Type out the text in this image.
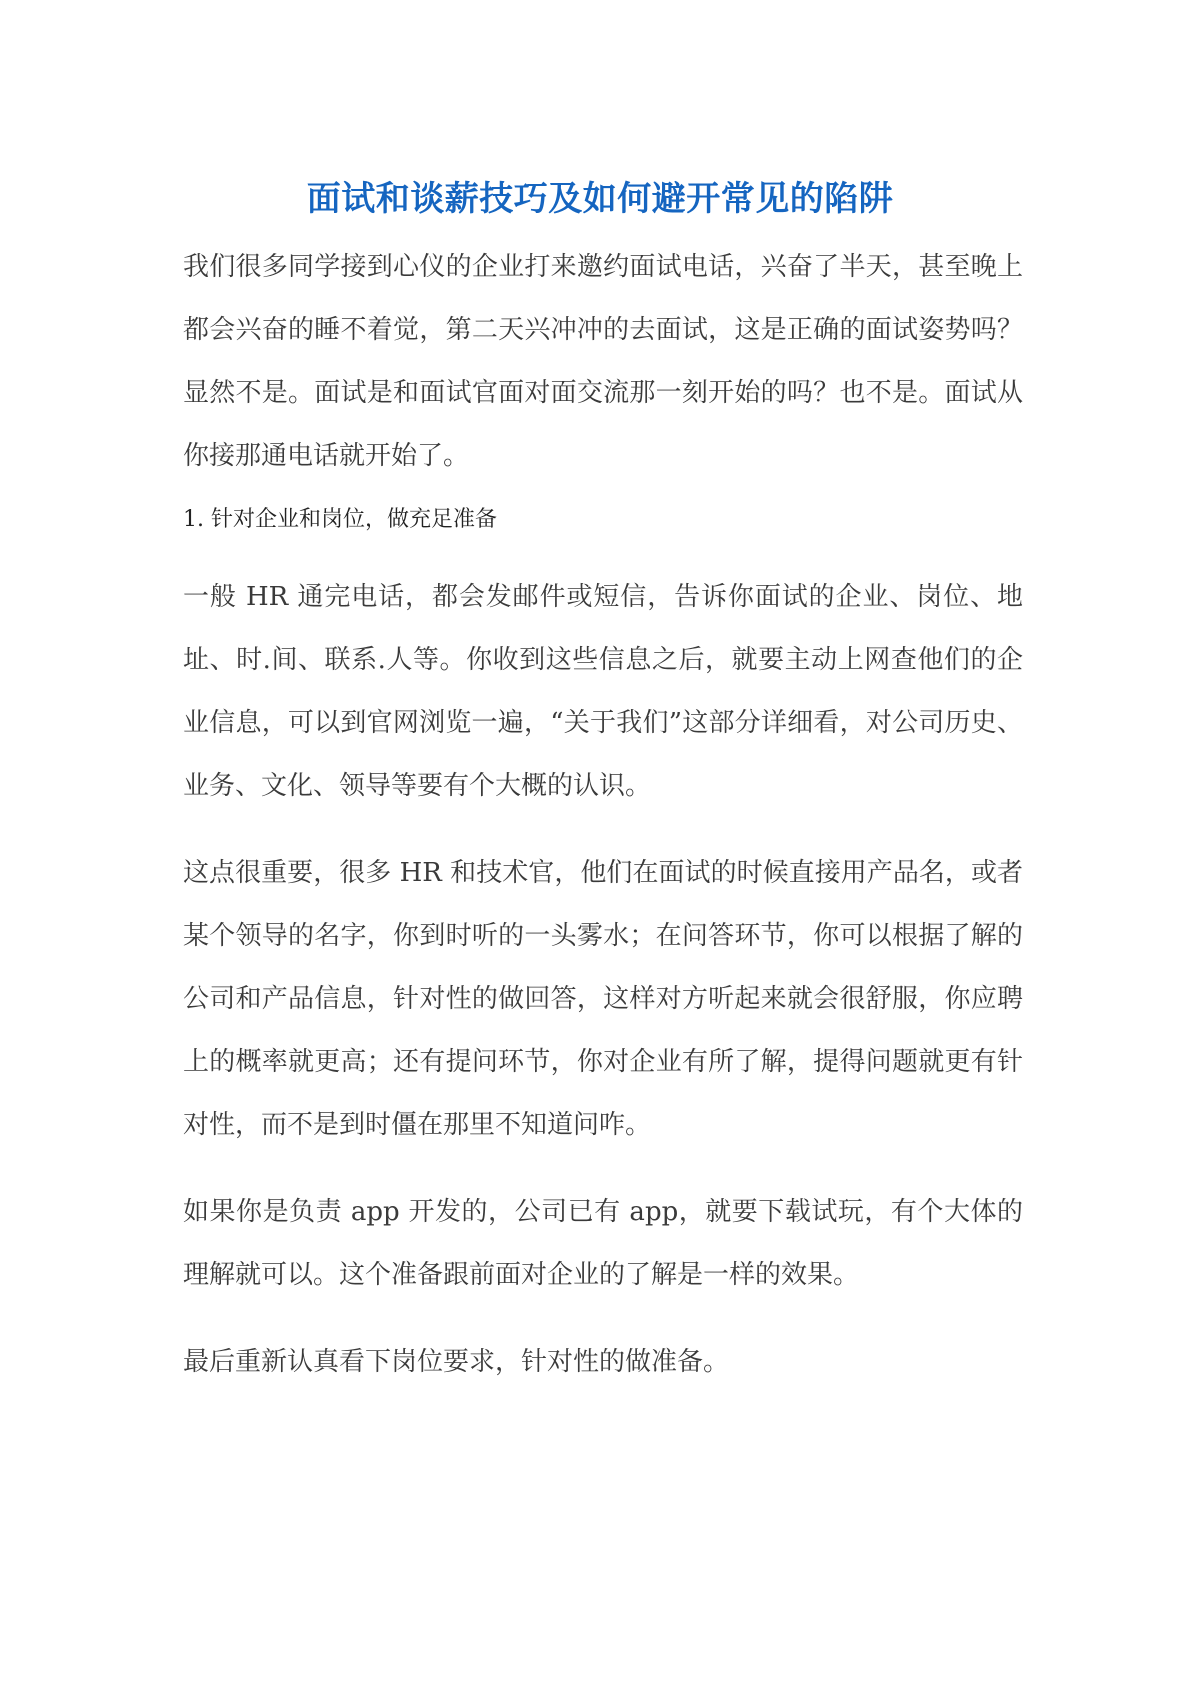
面试和谈薪技巧及如何避开常见的陷阱

我们很多同学接到心仪的企业打来邀约面试电话，兴奋了半天，甚至晚上都会兴奋的睡不着觉，第二天兴冲冲的去面试，这是正确的面试姿势吗？显然不是。面试是和面试官面对面交流那一刻开始的吗？也不是。面试从你接那通电话就开始了。

1. 针对企业和岗位，做充足准备

一般 HR 通完电话，都会发邮件或短信，告诉你面试的企业、岗位、地址、时.间、联系.人等。你收到这些信息之后，就要主动上网查他们的企业信息，可以到官网浏览一遍，“关于我们”这部分详细看，对公司历史、业务、文化、领导等要有个大概的认识。

这点很重要，很多 HR 和技术官，他们在面试的时候直接用产品名，或者某个领导的名字，你到时听的一头雾水；在问答环节，你可以根据了解的公司和产品信息，针对性的做回答，这样对方听起来就会很舒服，你应聘上的概率就更高；还有提问环节，你对企业有所了解，提得问题就更有针对性，而不是到时僵在那里不知道问咋。

如果你是负责 app 开发的，公司已有 app，就要下载试玩，有个大体的理解就可以。这个准备跟前面对企业的了解是一样的效果。

最后重新认真看下岗位要求，针对性的做准备。
